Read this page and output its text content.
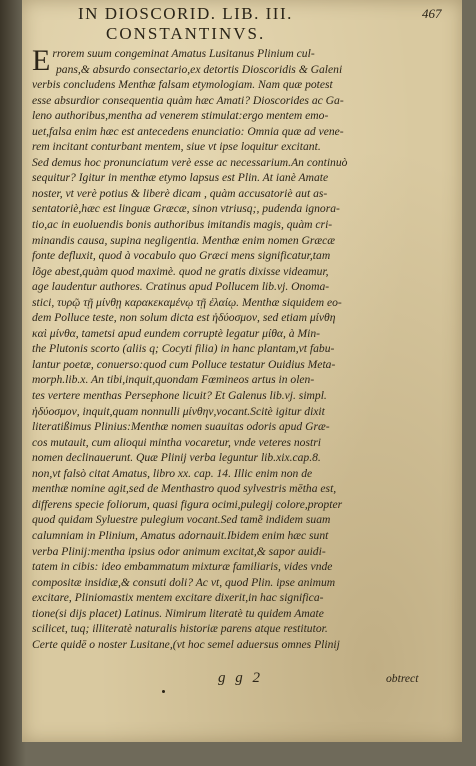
IN DIOSCORID. LIB. III.	467
CONSTANTINVS.
Errorem suum congeminat Amatus Lusitanus Plinium cul-
pans,& absurdo consectario,ex detortis Dioscoridis & Galeni
verbis concludens Menthæ falsam etymologiam. Nam quæ potest
esse absurdior consequentia quàm hæc Amati? Dioscorides ac Ga-
leno authoribus,mentha ad venerem stimulat:ergo mentem emo-
uet,falsa enim hæc est antecedens enunciatio: Omnia quæ ad vene-
rem incitant conturbant mentem, siue vt ipse loquitur excitant.
Sed demus hoc pronunciatum verè esse ac necessarium.An continuò
sequitur? Igitur in menthæ etymo lapsus est Plin. At ianè Amate
noster, vt verè potius & liberè dicam , quàm accusatoriè aut as-
sentatoriè,hæc est linguæ Græcæ, sinon vtriusq;, pudenda ignora-
tio,ac in euoluendis bonis authoribus imitandis magis, quàm cri-
minandis causa, supina negligentia. Menthæ enim nomen Græcæ
fonte defluxit, quod à vocabulo quo Græci mens significatur,tam
lõge abest,quàm quod maximè. quod ne gratis dixisse videamur,
age laudentur authores. Cratinus apud Pollucem lib.vj. Onoma-
stici, τυρῷ τῇ μίνθῃ καρακεκαμένῳ τῇ ἐλαίῳ. Menthæ siquidem eo-
dem Polluce teste, non solum dicta est ἡδύοσμον, sed etiam μίνθη
καὶ μίνθα, tametsi apud eundem corruptè legatur μίθα, à Min-
the Plutonis scorto (aliis q; Cocyti filia) in hanc plantam,vt fabu-
lantur poetæ, conuerso:quod cum Polluce testatur Ouidius Meta-
morph.lib.x. An tibi,inquit,quondam Fœmineos artus in olen-
tes vertere menthas Persephone licuit? Et Galenus lib.vj. simpl.
ἡδύοσμον, inquit,quam nonnulli μίνθην,vocant.Scitè igitur dixit
literatißimus Plinius:Menthæ nomen suauitas odoris apud Græ-
cos mutauit, cum alioqui mintha vocaretur, vnde veteres nostri
nomen declinauerunt. Quæ Plinij verba leguntur lib.xix.cap.8.
non,vt falsò citat Amatus, libro xx. cap. 14. Illic enim non de
menthæ nomine agit,sed de Menthastro quod sylvestris mētha est,
differens specie foliorum, quasi figura ocimi,pulegij colore,propter
quod quidam Syluestre pulegium vocant.Sed tamẽ indidem suam
calumniam in Plinium, Amatus adornauit.Ibidem enim hæc sunt
verba Plinij:mentha ipsius odor animum excitat,& sapor auidi-
tatem in cibis: ideo embammatum mixturæ familiaris, vides vnde
compositæ insidiæ,& consuti doli? Ac vt, quod Plin. ipse animum
excitare, Pliniomastix mentem excitare dixerit,in hac significa-
tione(si dijs placet) Latinus. Nimirum literatè tu quidem Amate
scilicet, tuq; illiteratè naturalis historiæ parens atque restitutor.
Certe quidē o noster Lusitane,(vt hoc semel aduersus omnes Plinij
g g 2	obtrect
